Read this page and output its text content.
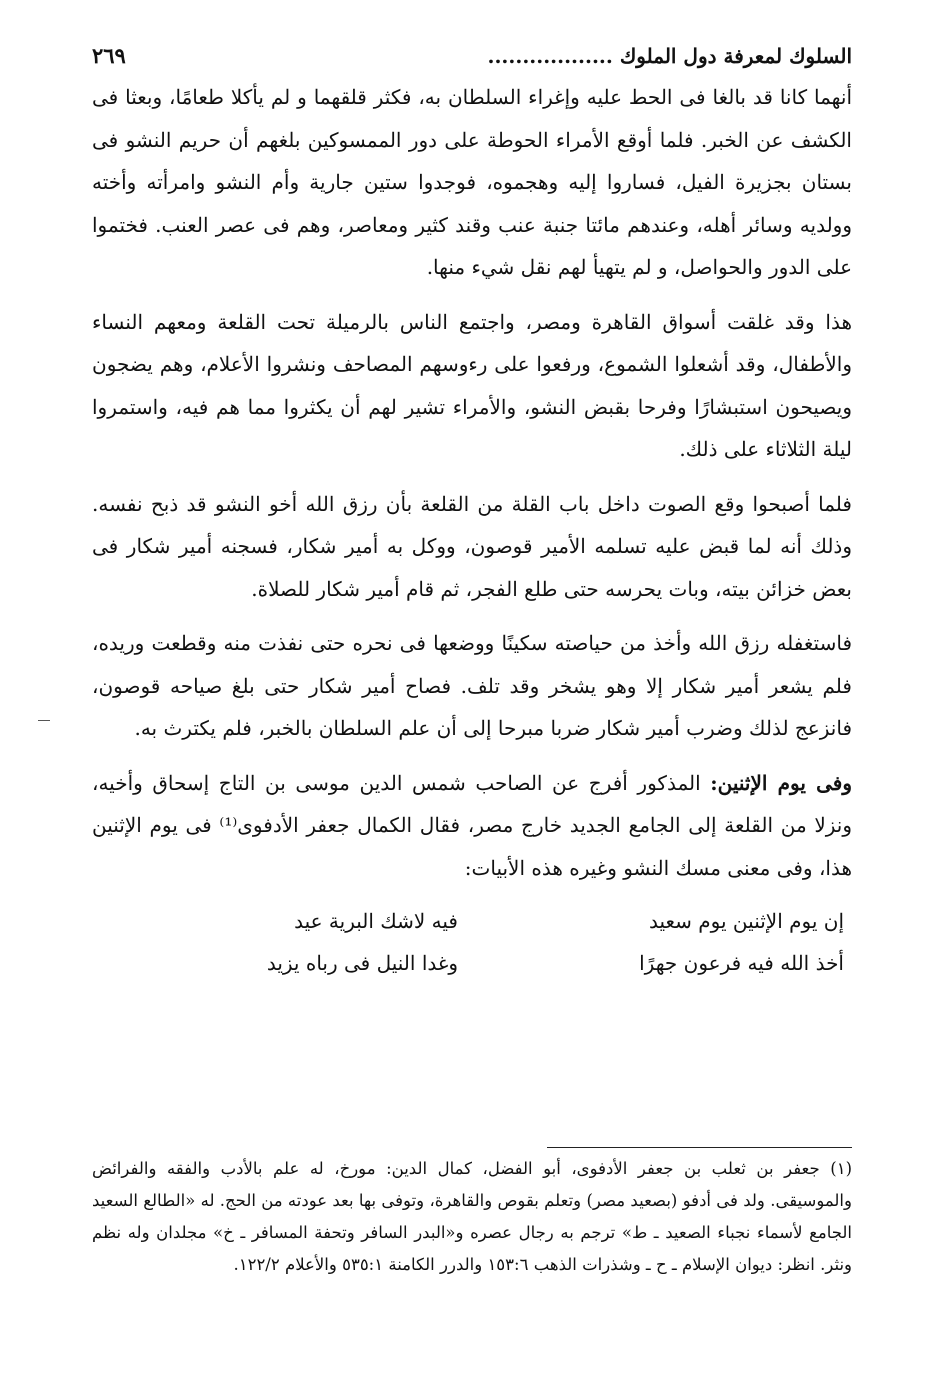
السلوك لمعرفة دول الملوك ..................
٢٦٩

أنهما كانا قد بالغا فى الحط عليه وإغراء السلطان به، فكثر قلقهما و لم يأكلا طعامًا، وبعثا فى الكشف عن الخبر. فلما أوقع الأمراء الحوطة على دور الممسوكين بلغهم أن حريم النشو فى بستان بجزيرة الفيل، فساروا إليه وهجموه، فوجدوا ستين جارية وأم النشو وامرأته وأخته وولديه وسائر أهله، وعندهم مائتا جنبة عنب وقند كثير ومعاصر، وهم فى عصر العنب. فختموا على الدور والحواصل، و لم يتهيأ لهم نقل شيء منها.

هذا وقد غلقت أسواق القاهرة ومصر، واجتمع الناس بالرميلة تحت القلعة ومعهم النساء والأطفال، وقد أشعلوا الشموع، ورفعوا على رءوسهم المصاحف ونشروا الأعلام، وهم يضجون ويصيحون استبشارًا وفرحا بقبض النشو، والأمراء تشير لهم أن يكثروا مما هم فيه، واستمروا ليلة الثلاثاء على ذلك.

فلما أصبحوا وقع الصوت داخل باب القلة من القلعة بأن رزق الله أخو النشو قد ذبح نفسه. وذلك أنه لما قبض عليه تسلمه الأمير قوصون، ووكل به أمير شكار، فسجنه أمير شكار فى بعض خزائن بيته، وبات يحرسه حتى طلع الفجر، ثم قام أمير شكار للصلاة.

فاستغفله رزق الله وأخذ من حياصته سكينًا ووضعها فى نحره حتى نفذت منه وقطعت وريده، فلم يشعر أمير شكار إلا وهو يشخر وقد تلف. فصاح أمير شكار حتى بلغ صياحه قوصون، فانزعج لذلك وضرب أمير شكار ضربا مبرحا إلى أن علم السلطان بالخبر، فلم يكترث به.

وفى يوم الإثنين: المذكور أفرج عن الصاحب شمس الدين موسى بن التاج إسحاق وأخيه، ونزلا من القلعة إلى الجامع الجديد خارج مصر، فقال الكمال جعفر الأدفوى⁽¹⁾ فى يوم الإثنين هذا، وفى معنى مسك النشو وغيره هذه الأبيات:

إن يوم الإثنين يوم سعيد
فيه لاشك البرية عيد
أخذ الله فيه فرعون جهرًا
وغدا النيل فى رباه يزيد

(١) جعفر بن ثعلب بن جعفر الأدفوى، أبو الفضل، كمال الدين: مورخ، له علم بالأدب والفقه والفرائض والموسيقى. ولد فى أدفو (بصعيد مصر) وتعلم بقوص والقاهرة، وتوفى بها بعد عودته من الحج. له «الطالع السعيد الجامع لأسماء نجباء الصعيد ـ ط» ترجم به رجال عصره و«البدر السافر وتحفة المسافر ـ خ» مجلدان وله نظم ونثر. انظر: ديوان الإسلام ـ ح ـ وشذرات الذهب ١٥٣:٦ والدرر الكامنة ٥٣٥:١ والأعلام ١٢٢/٢.
